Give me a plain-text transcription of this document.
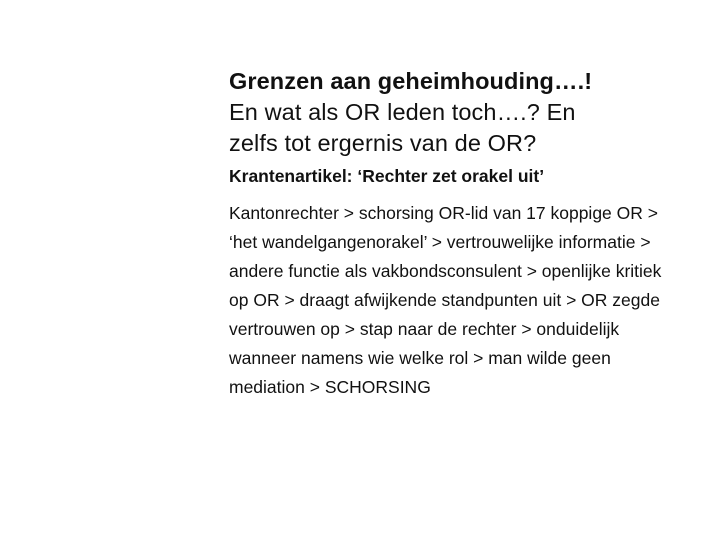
Grenzen aan geheimhouding….!
En wat als OR leden toch….? En
zelfs tot ergernis van de OR?

Krantenartikel: ‘Rechter zet orakel uit’

Kantonrechter > schorsing OR-lid van 17 koppige OR > ‘het wandelgangenorakel’ > vertrouwelijke informatie > andere functie als vakbondsconsulent > openlijke kritiek op OR > draagt afwijkende standpunten uit > OR zegde vertrouwen op > stap naar de rechter > onduidelijk wanneer namens wie welke rol > man wilde geen mediation > SCHORSING
